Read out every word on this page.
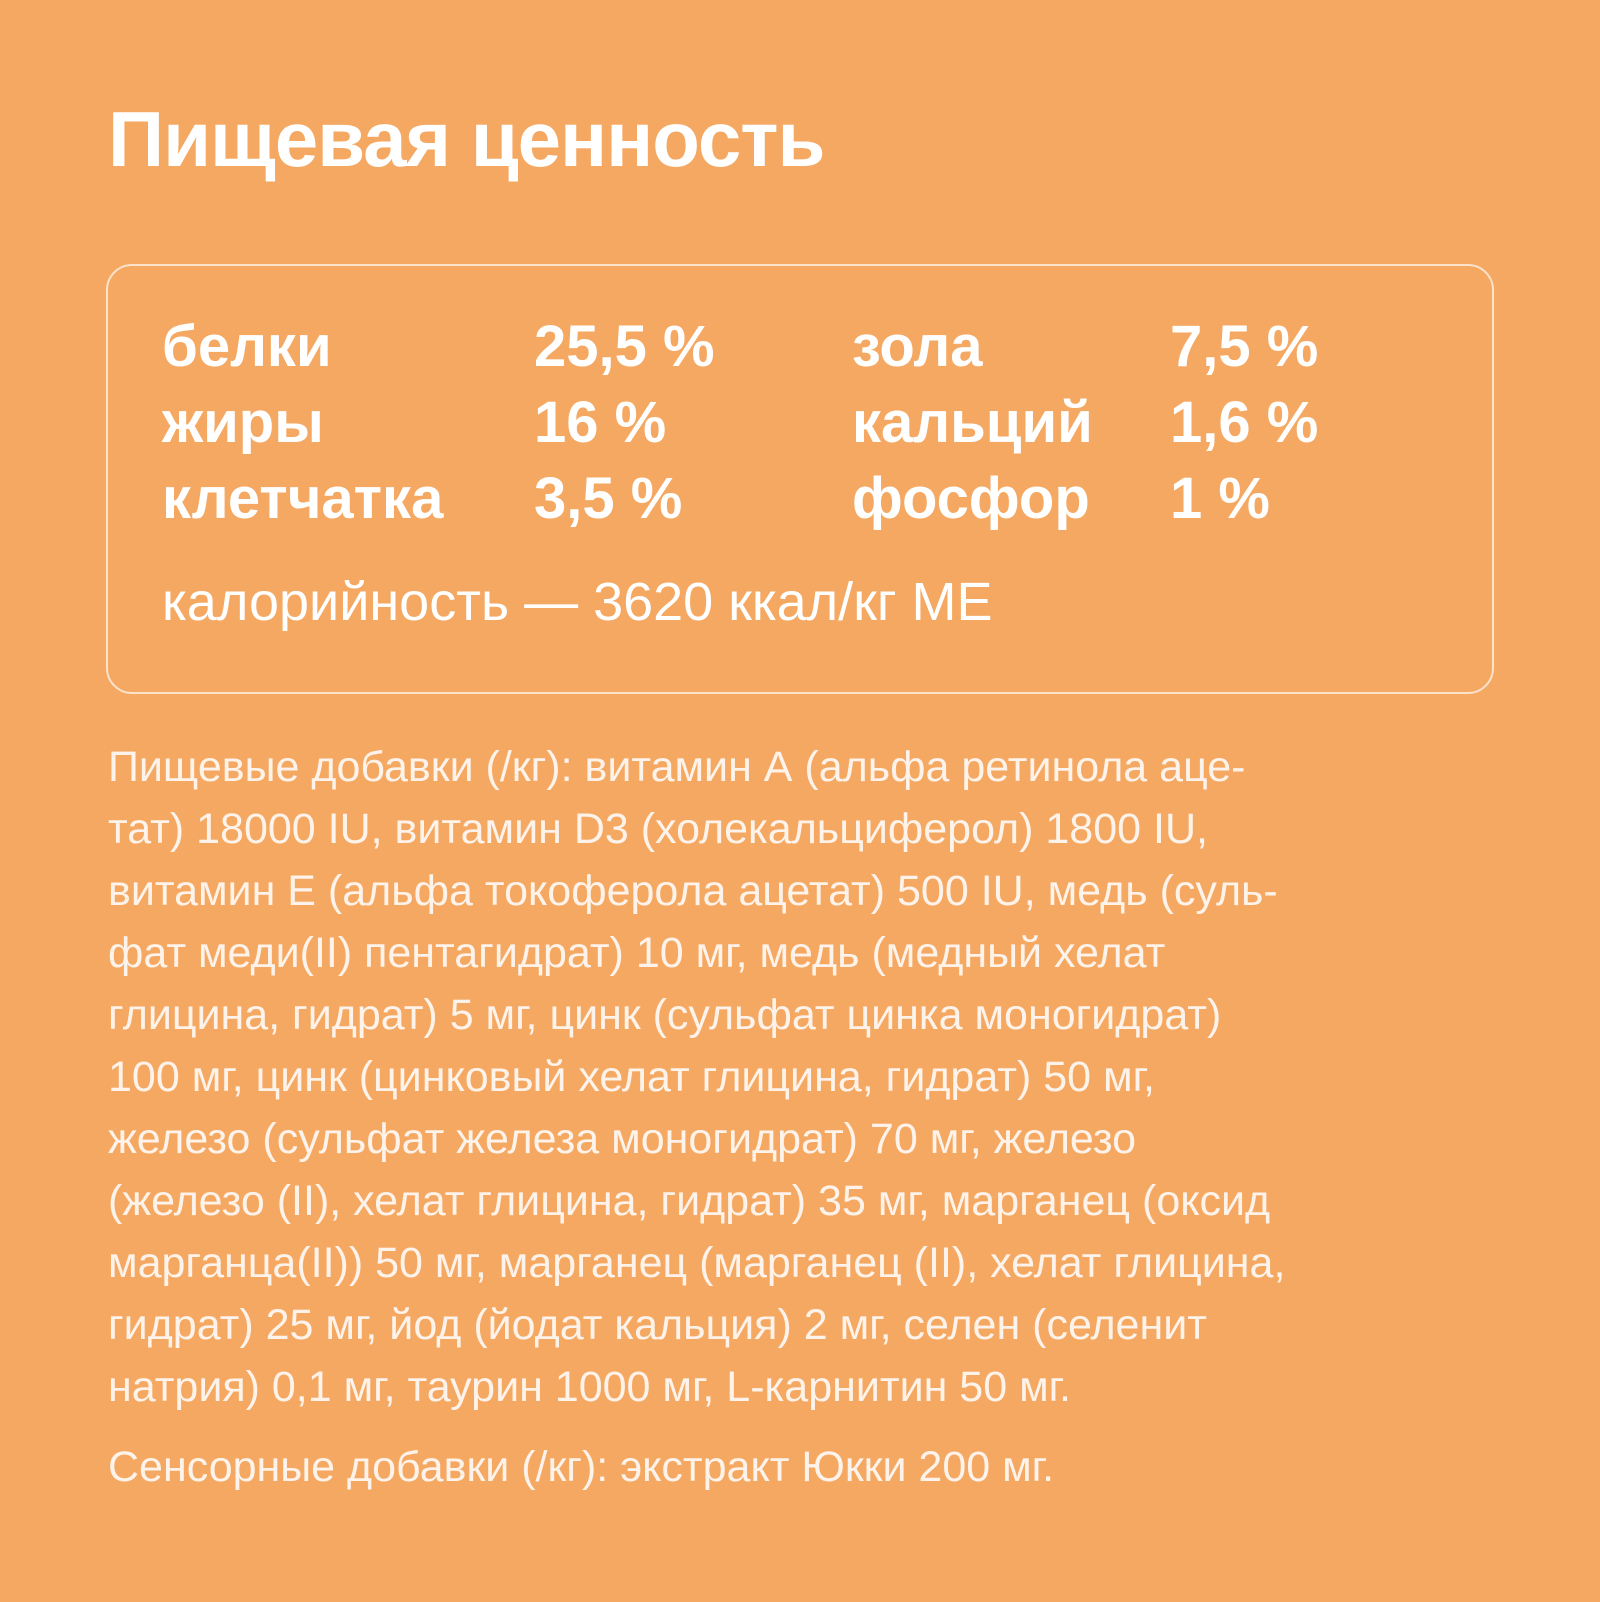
Пищевая ценность
белки	25,5 % зола	7,5 %
жиры	16 %	кальций 1,6 %
клетчатка 3,5 %	фосфор 1 %
калорийность — 3620 ккал/кг МЕ

Пищевые добавки (/кг): витамин А (альфа ретинола аце-
тат) 18000 IU, витамин D3 (холекальциферол) 1800 IU,
витамин Е (альфа токоферола ацетат) 500 IU, медь (суль-
фат меди(II) пентагидрат) 10 мг, медь (медный хелат
глицина, гидрат) 5 мг, цинк (сульфат цинка моногидрат)
100 мг, цинк (цинковый хелат глицина, гидрат) 50 мг,
железо (сульфат железа моногидрат) 70 мг, железо
(железо (II), хелат глицина, гидрат) 35 мг, марганец (оксид
марганца(II)) 50 мг, марганец (марганец (II), хелат глицина,
гидрат) 25 мг, йод (йодат кальция) 2 мг, селен (селенит
натрия) 0,1 мг, таурин 1000 мг, L-карнитин 50 мг.

Сенсорные добавки (/кг): экстракт Юкки 200 мг.
